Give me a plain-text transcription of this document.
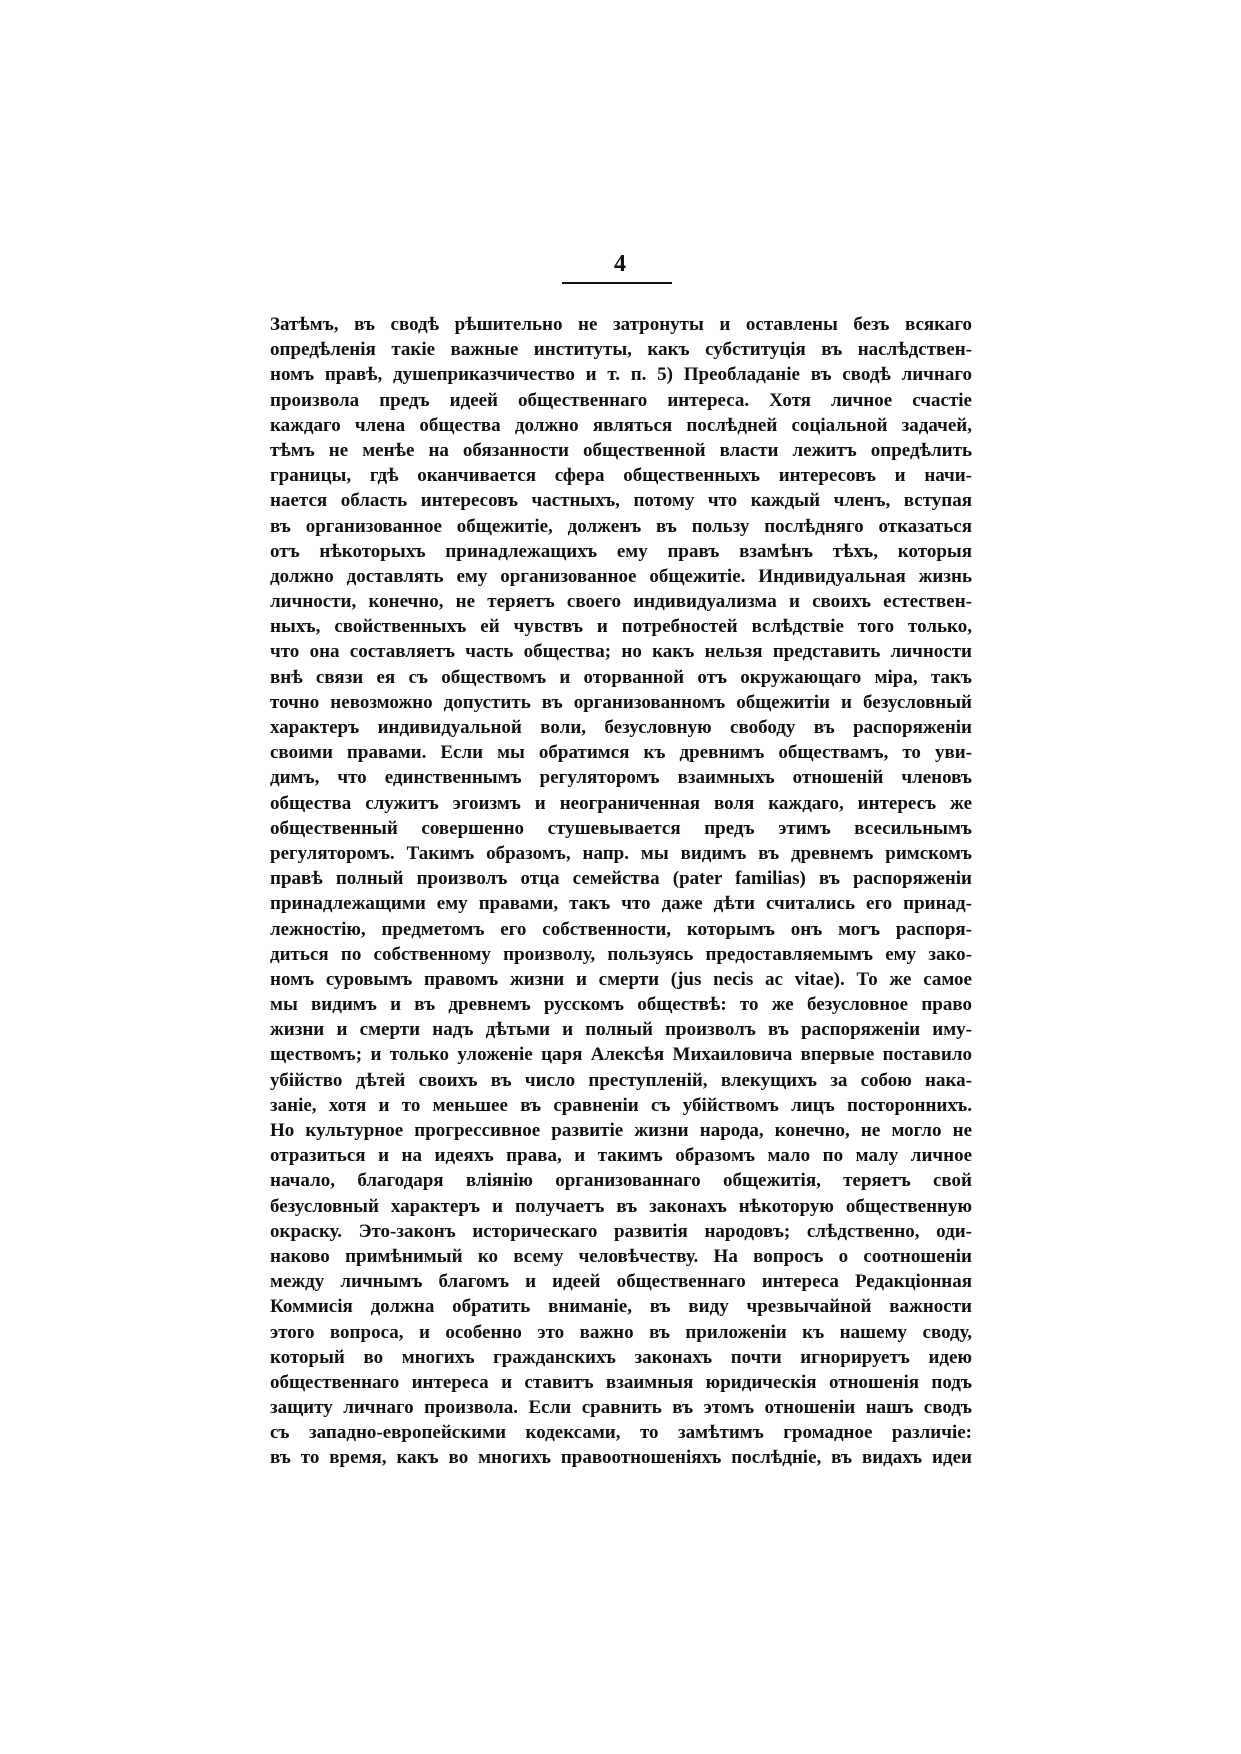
4
Затѣмъ, въ сводѣ рѣшительно не затронуты и оставлены безъ всякаго
опредѣленія такіе важные институты, какъ субституція въ наслѣдствен-
номъ правѣ, душеприказчичество и т. п. 5) Преобладаніе въ сводѣ личнаго
произвола предъ идеей общественнаго интереса. Хотя личное счастіе
каждаго члена общества должно являться послѣдней соціальной задачей,
тѣмъ не менѣе на обязанности общественной власти лежитъ опредѣлить
границы, гдѣ оканчивается сфера общественныхъ интересовъ и начи-
нается область интересовъ частныхъ, потому что каждый членъ, вступая
въ организованное общежитіе, долженъ въ пользу послѣдняго отказаться
отъ нѣкоторыхъ принадлежащихъ ему правъ взамѣнъ тѣхъ, которыя
должно доставлять ему организованное общежитіе. Индивидуальная жизнь
личности, конечно, не теряетъ своего индивидуализма и своихъ естествен-
ныхъ, свойственныхъ ей чувствъ и потребностей вслѣдствіе того только,
что она составляетъ часть общества; но какъ нельзя представить личности
внѣ связи ея съ обществомъ и оторванной отъ окружающаго міра, такъ
точно невозможно допустить въ организованномъ общежитіи и безусловный
характеръ индивидуальной воли, безусловную свободу въ распоряженіи
своими правами. Если мы обратимся къ древнимъ обществамъ, то уви-
димъ, что единственнымъ регуляторомъ взаимныхъ отношеній членовъ
общества служитъ эгоизмъ и неограниченная воля каждаго, интересъ же
общественный совершенно стушевывается предъ этимъ всесильнымъ
регуляторомъ. Такимъ образомъ, напр. мы видимъ въ древнемъ римскомъ
правѣ полный произволъ отца семейства (pater familias) въ распоряженіи
принадлежащими ему правами, такъ что даже дѣти считались его принад-
лежностію, предметомъ его собственности, которымъ онъ могъ распоря-
диться по собственному произволу, пользуясь предоставляемымъ ему зако-
номъ суровымъ правомъ жизни и смерти (jus necis ac vitae). То же самое
мы видимъ и въ древнемъ русскомъ обществѣ: то же безусловное право
жизни и смерти надъ дѣтьми и полный произволъ въ распоряженіи иму-
ществомъ; и только уложеніе царя Алексѣя Михаиловича впервые поставило
убійство дѣтей своихъ въ число преступленій, влекущихъ за собою нака-
заніе, хотя и то меньшее въ сравненіи съ убійствомъ лицъ постороннихъ.
Но культурное прогрессивное развитіе жизни народа, конечно, не могло не
отразиться и на идеяхъ права, и такимъ образомъ мало по малу личное
начало, благодаря вліянію организованнаго общежитія, теряетъ свой
безусловный характеръ и получаетъ въ законахъ нѣкоторую общественную
окраску. Это-законъ историческаго развитія народовъ; слѣдственно, оди-
наково примѣнимый ко всему человѣчеству. На вопросъ о соотношеніи
между личнымъ благомъ и идеей общественнаго интереса Редакціонная
Коммисія должна обратить вниманіе, въ виду чрезвычайной важности
этого вопроса, и особенно это важно въ приложеніи къ нашему своду,
который во многихъ гражданскихъ законахъ почти игнорируетъ идею
общественнаго интереса и ставитъ взаимныя юридическія отношенія подъ
защиту личнаго произвола. Если сравнить въ этомъ отношеніи нашъ сводъ
съ западно-европейскими кодексами, то замѣтимъ громадное различіе:
въ то время, какъ во многихъ правоотношеніяхъ послѣдніе, въ видахъ идеи
